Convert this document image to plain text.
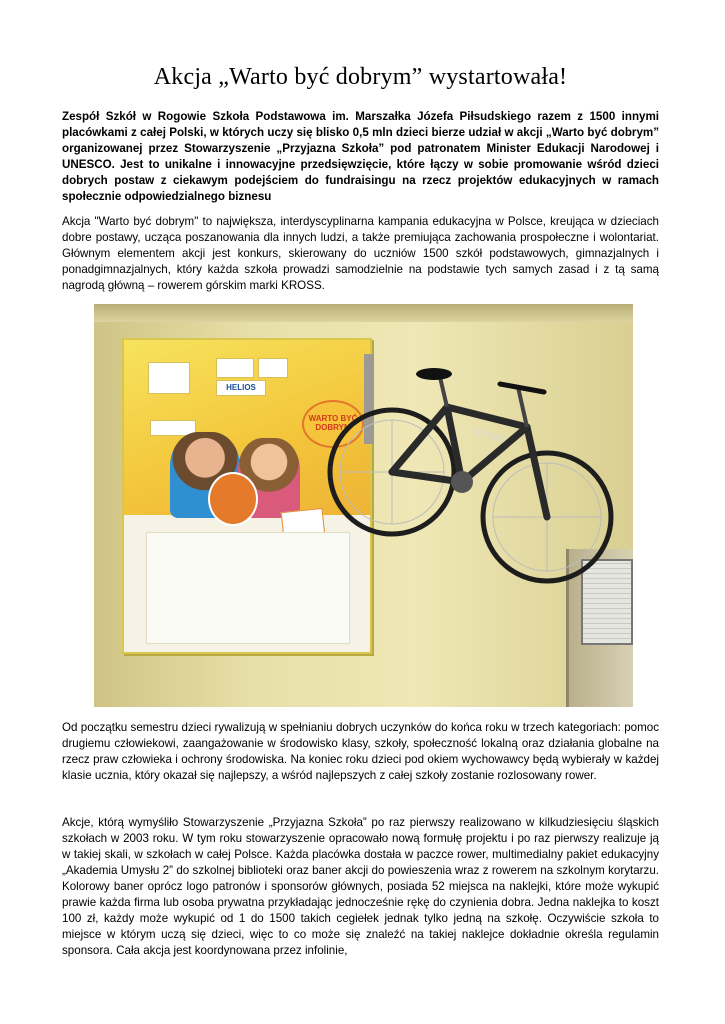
Akcja „Warto być dobrym” wystartowała!

Zespół Szkół w Rogowie Szkoła Podstawowa im. Marszałka Józefa Piłsudskiego razem z 1500 innymi placówkami z całej Polski, w których uczy się blisko 0,5 mln dzieci bierze udział w akcji „Warto być dobrym” organizowanej przez Stowarzyszenie „Przyjazna Szkoła” pod patronatem Minister Edukacji Narodowej i UNESCO. Jest to unikalne i innowacyjne przedsięwzięcie, które łączy w sobie promowanie wśród dzieci dobrych postaw z ciekawym podejściem do fundraisingu na rzecz projektów edukacyjnych w ramach społecznie odpowiedzialnego biznesu

Akcja "Warto być dobrym" to największa, interdyscyplinarna kampania edukacyjna w Polsce, kreująca w dzieciach dobre postawy, ucząca poszanowania dla innych ludzi, a także premiująca zachowania prospołeczne i wolontariat. Głównym elementem akcji jest konkurs, skierowany do uczniów 1500 szkół podstawowych, gimnazjalnych i ponadgimnazjalnych, który każda szkoła prowadzi samodzielnie na podstawie tych samych zasad i z tą samą nagrodą główną – rowerem górskim marki KROSS.

HELIOS
WARTO BYĆ DOBRYM	KROSS

Od początku semestru dzieci rywalizują w spełnianiu dobrych uczynków do końca roku w trzech kategoriach: pomoc drugiemu człowiekowi, zaangażowanie w środowisko klasy, szkoły, społeczność lokalną oraz działania globalne na rzecz praw człowieka i ochrony środowiska. Na koniec roku dzieci pod okiem wychowawcy będą wybierały w każdej klasie ucznia, który okazał się najlepszy, a wśród najlepszych z całej szkoły zostanie rozlosowany rower.

Akcje, którą wymyśliło Stowarzyszenie „Przyjazna Szkoła” po raz pierwszy realizowano w kilkudziesięciu śląskich szkołach w 2003 roku. W tym roku stowarzyszenie opracowało nową formułę projektu i po raz pierwszy realizuje ją w takiej skali, w szkołach w całej Polsce. Każda placówka dostała w paczce rower, multimedialny pakiet edukacyjny „Akademia Umysłu 2” do szkolnej biblioteki oraz baner akcji do powieszenia wraz z rowerem na szkolnym korytarzu. Kolorowy baner oprócz logo patronów i sponsorów głównych, posiada 52 miejsca na naklejki, które może wykupić prawie każda firma lub osoba prywatna przykładając jednocześnie rękę do czynienia dobra. Jedna naklejka to koszt 100 zł, każdy może wykupić od 1 do 1500 takich cegiełek jednak tylko jedną na szkołę. Oczywiście szkoła to miejsce w którym uczą się dzieci, więc to co może się znaleźć na takiej naklejce dokładnie określa regulamin sponsora. Cała akcja jest koordynowana przez infolinie,
